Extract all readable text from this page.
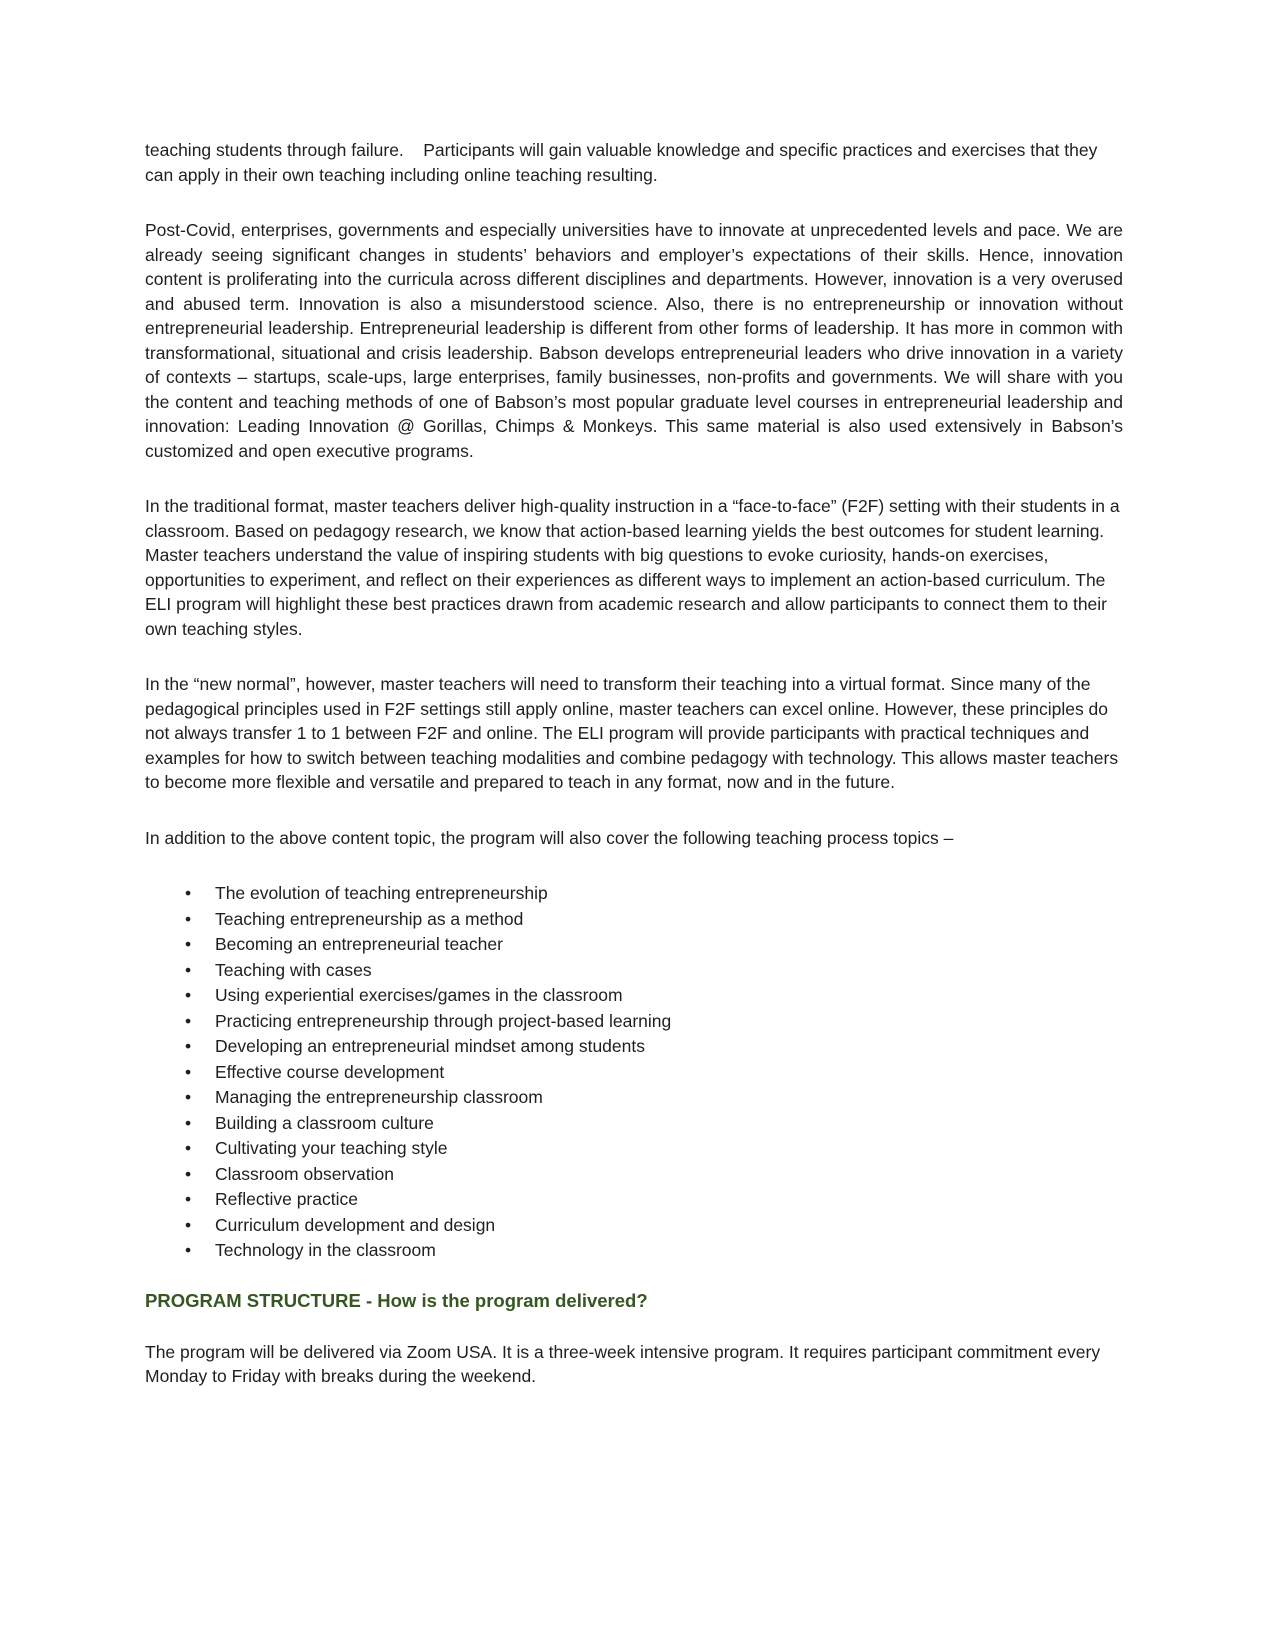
teaching students through failure.    Participants will gain valuable knowledge and specific practices and exercises that they can apply in their own teaching including online teaching resulting.

Post-Covid, enterprises, governments and especially universities have to innovate at unprecedented levels and pace. We are already seeing significant changes in students’ behaviors and employer’s expectations of their skills. Hence, innovation content is proliferating into the curricula across different disciplines and departments. However, innovation is a very overused and abused term. Innovation is also a misunderstood science. Also, there is no entrepreneurship or innovation without entrepreneurial leadership. Entrepreneurial leadership is different from other forms of leadership. It has more in common with transformational, situational and crisis leadership. Babson develops entrepreneurial leaders who drive innovation in a variety of contexts – startups, scale-ups, large enterprises, family businesses, non-profits and governments. We will share with you the content and teaching methods of one of Babson’s most popular graduate level courses in entrepreneurial leadership and innovation: Leading Innovation @ Gorillas, Chimps & Monkeys. This same material is also used extensively in Babson’s customized and open executive programs.

In the traditional format, master teachers deliver high-quality instruction in a “face-to-face” (F2F) setting with their students in a classroom. Based on pedagogy research, we know that action-based learning yields the best outcomes for student learning. Master teachers understand the value of inspiring students with big questions to evoke curiosity, hands-on exercises, opportunities to experiment, and reflect on their experiences as different ways to implement an action-based curriculum. The ELI program will highlight these best practices drawn from academic research and allow participants to connect them to their own teaching styles.

In the “new normal”, however, master teachers will need to transform their teaching into a virtual format. Since many of the pedagogical principles used in F2F settings still apply online, master teachers can excel online. However, these principles do not always transfer 1 to 1 between F2F and online. The ELI program will provide participants with practical techniques and examples for how to switch between teaching modalities and combine pedagogy with technology. This allows master teachers to become more flexible and versatile and prepared to teach in any format, now and in the future.

In addition to the above content topic, the program will also cover the following teaching process topics –

• The evolution of teaching entrepreneurship
• Teaching entrepreneurship as a method
• Becoming an entrepreneurial teacher
• Teaching with cases
• Using experiential exercises/games in the classroom
• Practicing entrepreneurship through project-based learning
• Developing an entrepreneurial mindset among students
• Effective course development
• Managing the entrepreneurship classroom
• Building a classroom culture
• Cultivating your teaching style
• Classroom observation
• Reflective practice
• Curriculum development and design
• Technology in the classroom
PROGRAM STRUCTURE - How is the program delivered?

The program will be delivered via Zoom USA. It is a three-week intensive program. It requires participant commitment every Monday to Friday with breaks during the weekend.
